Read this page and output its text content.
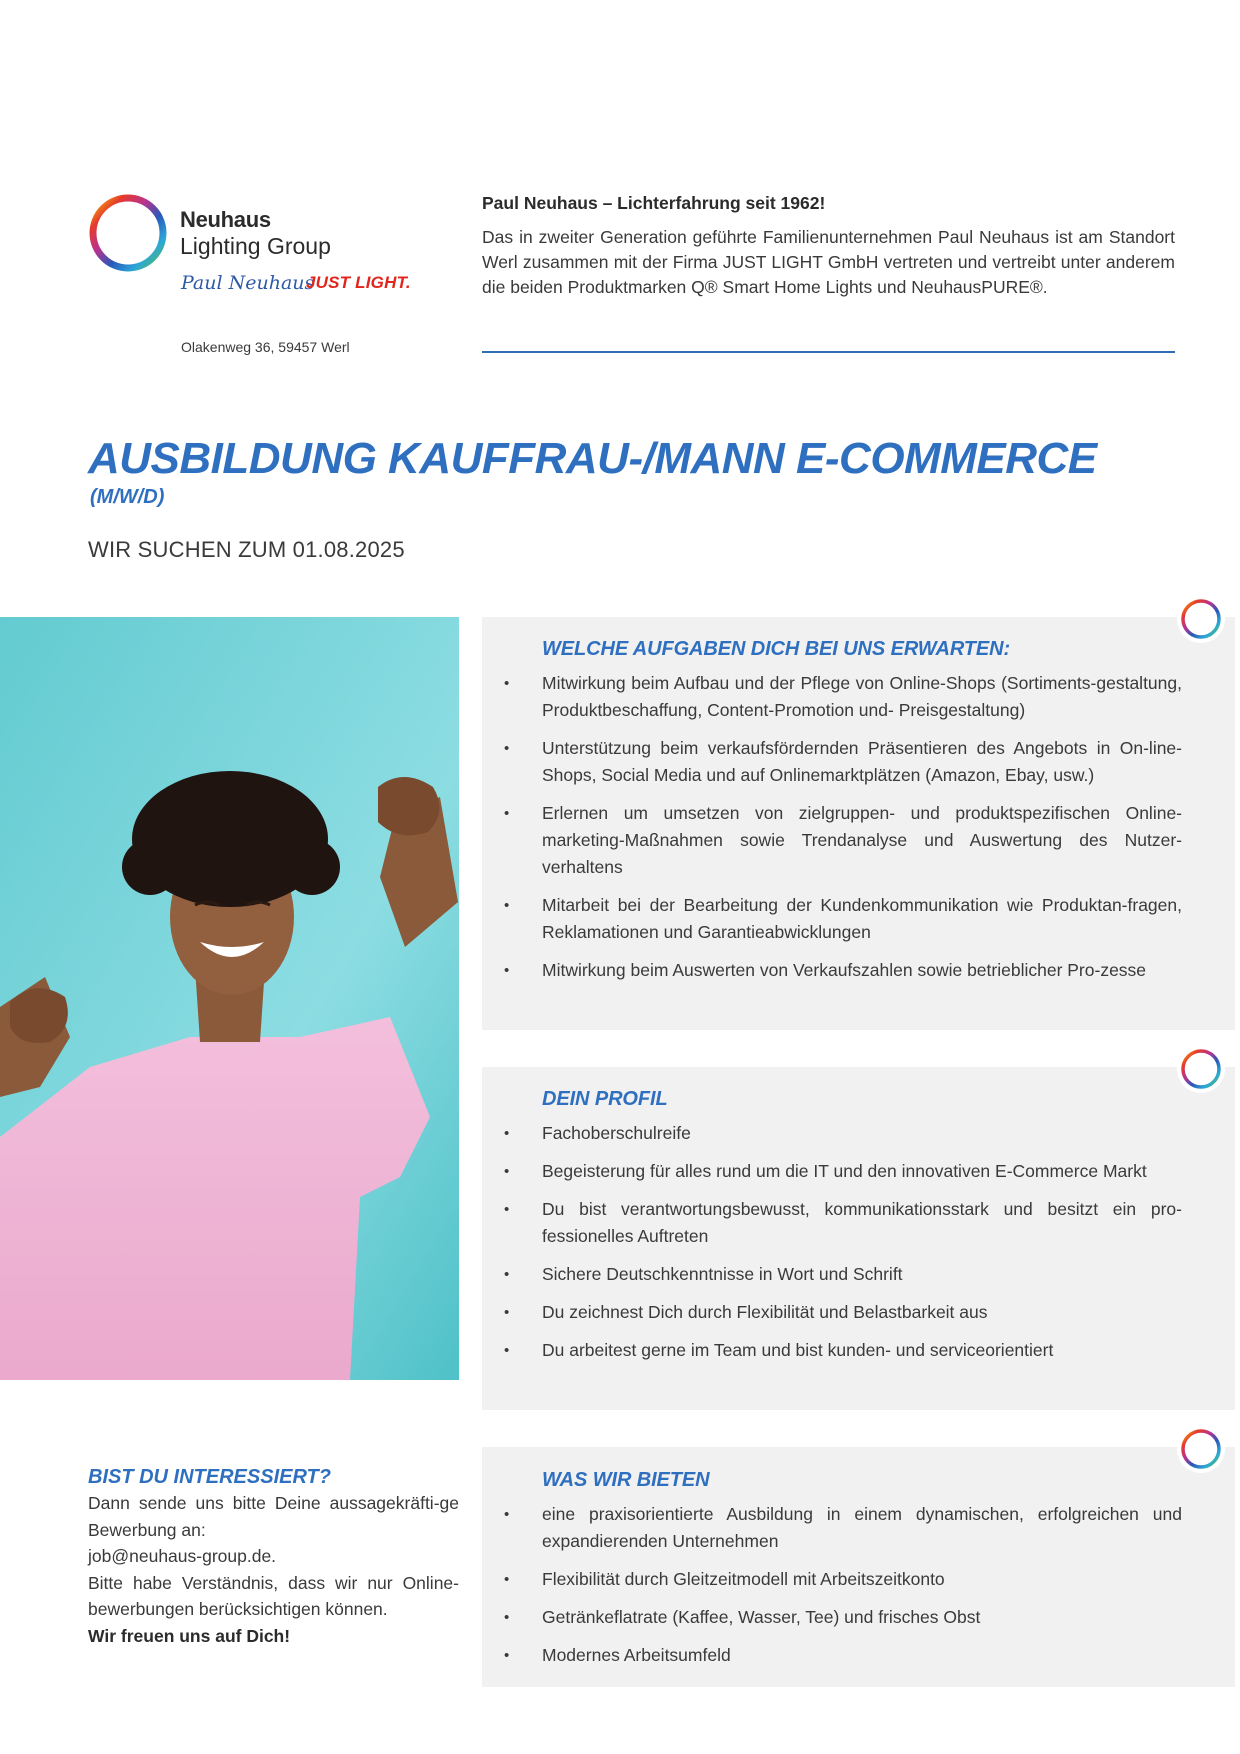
Neuhaus
Lighting Group
Paul Neuhaus
JUST LIGHT.
Olakenweg 36, 59457 Werl
Paul Neuhaus – Lichterfahrung seit 1962!
Das in zweiter Generation geführte Familienunternehmen Paul Neuhaus ist am Standort Werl zusammen mit der Firma JUST LIGHT GmbH vertreten und vertreibt unter anderem die beiden Produktmarken Q® Smart Home Lights und NeuhausPURE®.
AUSBILDUNG KAUFFRAU-/MANN E-COMMERCE
(M/W/D)
WIR SUCHEN ZUM 01.08.2025
WELCHE AUFGABEN DICH BEI UNS ERWARTEN:
• Mitwirkung beim Aufbau und der Pflege von Online-Shops (Sortiments-gestaltung, Produktbeschaffung, Content-Promotion und- Preisgestaltung)
• Unterstützung beim verkaufsfördernden Präsentieren des Angebots in On-line-Shops, Social Media und auf Onlinemarktplätzen (Amazon, Ebay, usw.)
• Erlernen um umsetzen von zielgruppen- und produktspezifischen Online-marketing-Maßnahmen sowie Trendanalyse und Auswertung des Nutzer-verhaltens
• Mitarbeit bei der Bearbeitung der Kundenkommunikation wie Produktan-fragen, Reklamationen und Garantieabwicklungen
• Mitwirkung beim Auswerten von Verkaufszahlen sowie betrieblicher Pro-zesse
DEIN PROFIL
• Fachoberschulreife
• Begeisterung für alles rund um die IT und den innovativen E-Commerce Markt
• Du bist verantwortungsbewusst, kommunikationsstark und besitzt ein pro-fessionelles Auftreten
• Sichere Deutschkenntnisse in Wort und Schrift
• Du zeichnest Dich durch Flexibilität und Belastbarkeit aus
• Du arbeitest gerne im Team und bist kunden- und serviceorientiert
WAS WIR BIETEN
• eine praxisorientierte Ausbildung in einem dynamischen, erfolgreichen und expandierenden Unternehmen
• Flexibilität durch Gleitzeitmodell mit Arbeitszeitkonto
• Getränkeflatrate (Kaffee, Wasser, Tee) und frisches Obst
• Modernes Arbeitsumfeld
BIST DU INTERESSIERT?
Dann sende uns bitte Deine aussagekräfti-ge Bewerbung an:
job@neuhaus-group.de.
Bitte habe Verständnis, dass wir nur Online-bewerbungen berücksichtigen können.
Wir freuen uns auf Dich!
